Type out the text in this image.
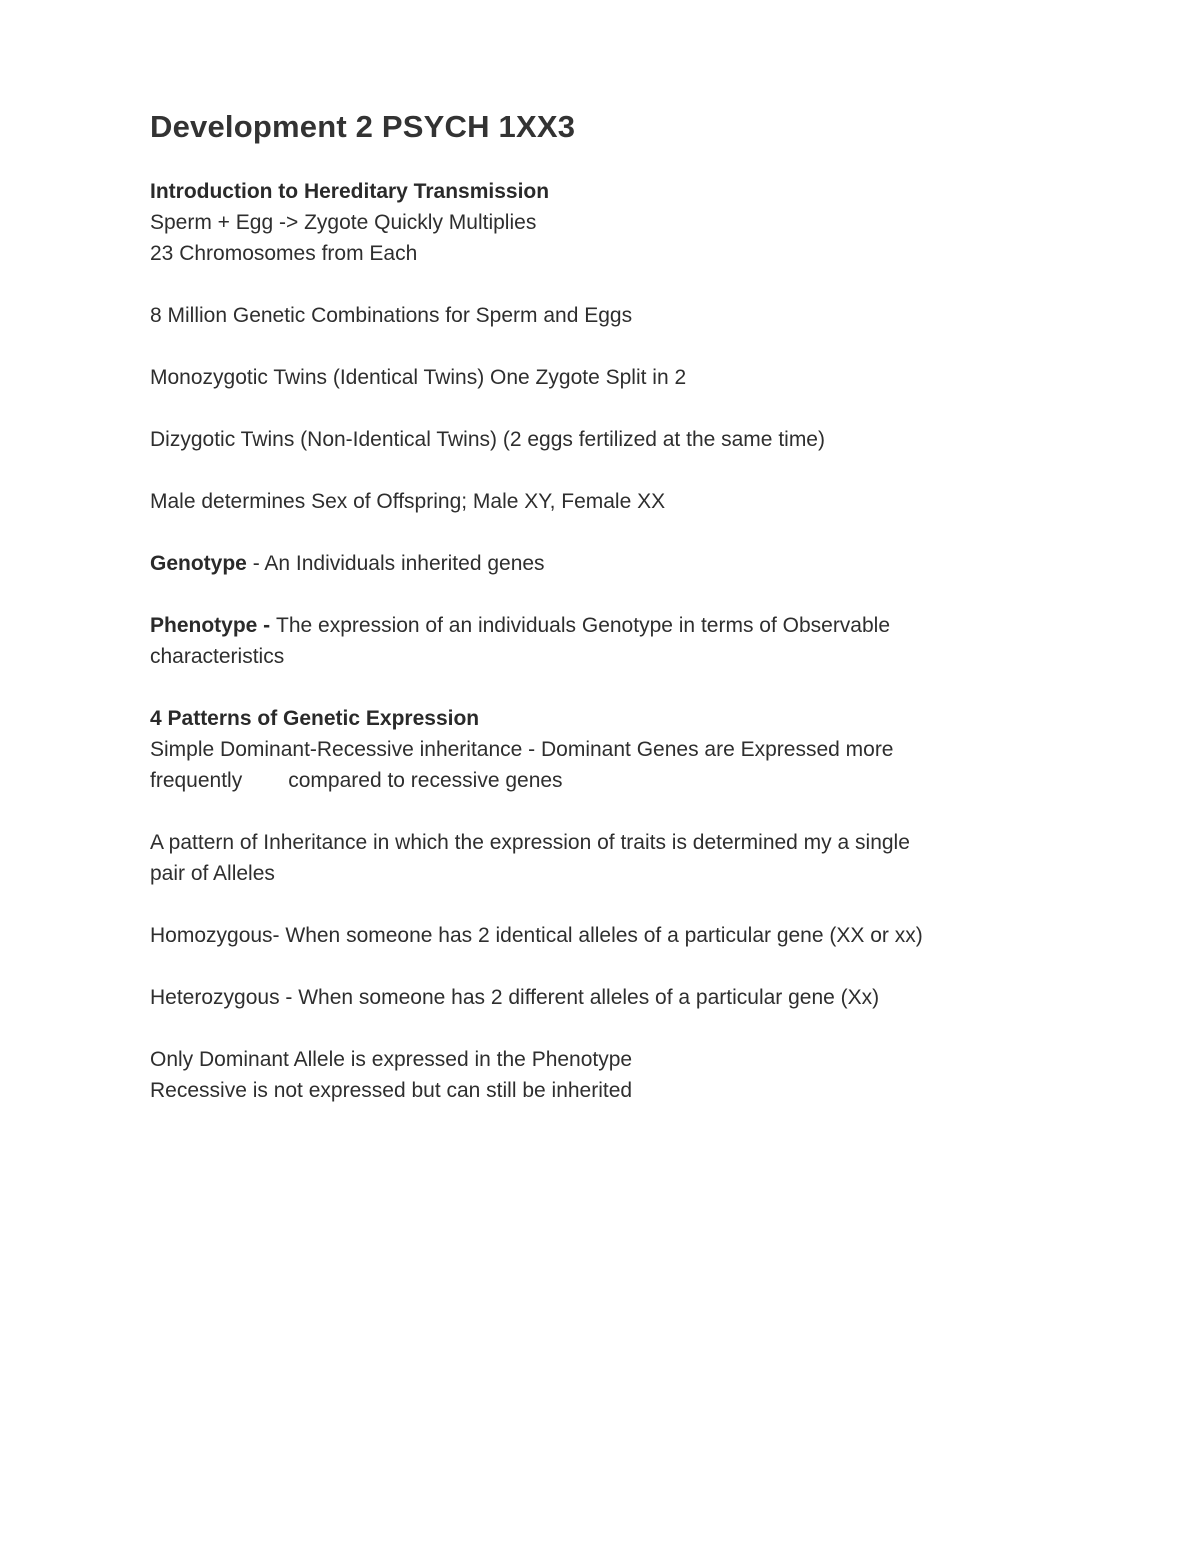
Development 2 PSYCH 1XX3

Introduction to Hereditary Transmission

Sperm + Egg -> Zygote Quickly Multiplies

23 Chromosomes from Each

8 Million Genetic Combinations for Sperm and Eggs

Monozygotic Twins (Identical Twins) One Zygote Split in 2

Dizygotic Twins (Non-Identical Twins) (2 eggs fertilized at the same time)

Male determines Sex of Offspring; Male XY, Female XX

Genotype - An Individuals inherited genes

Phenotype - The expression of an individuals Genotype in terms of Observable

characteristics

4 Patterns of Genetic Expression

Simple Dominant-Recessive inheritance - Dominant Genes are Expressed more

frequently compared to recessive genes

A pattern of Inheritance in which the expression of traits is determined my a single

pair of Alleles

Homozygous- When someone has 2 identical alleles of a particular gene (XX or xx)

Heterozygous - When someone has 2 different alleles of a particular gene (Xx)

Only Dominant Allele is expressed in the Phenotype

Recessive is not expressed but can still be inherited
